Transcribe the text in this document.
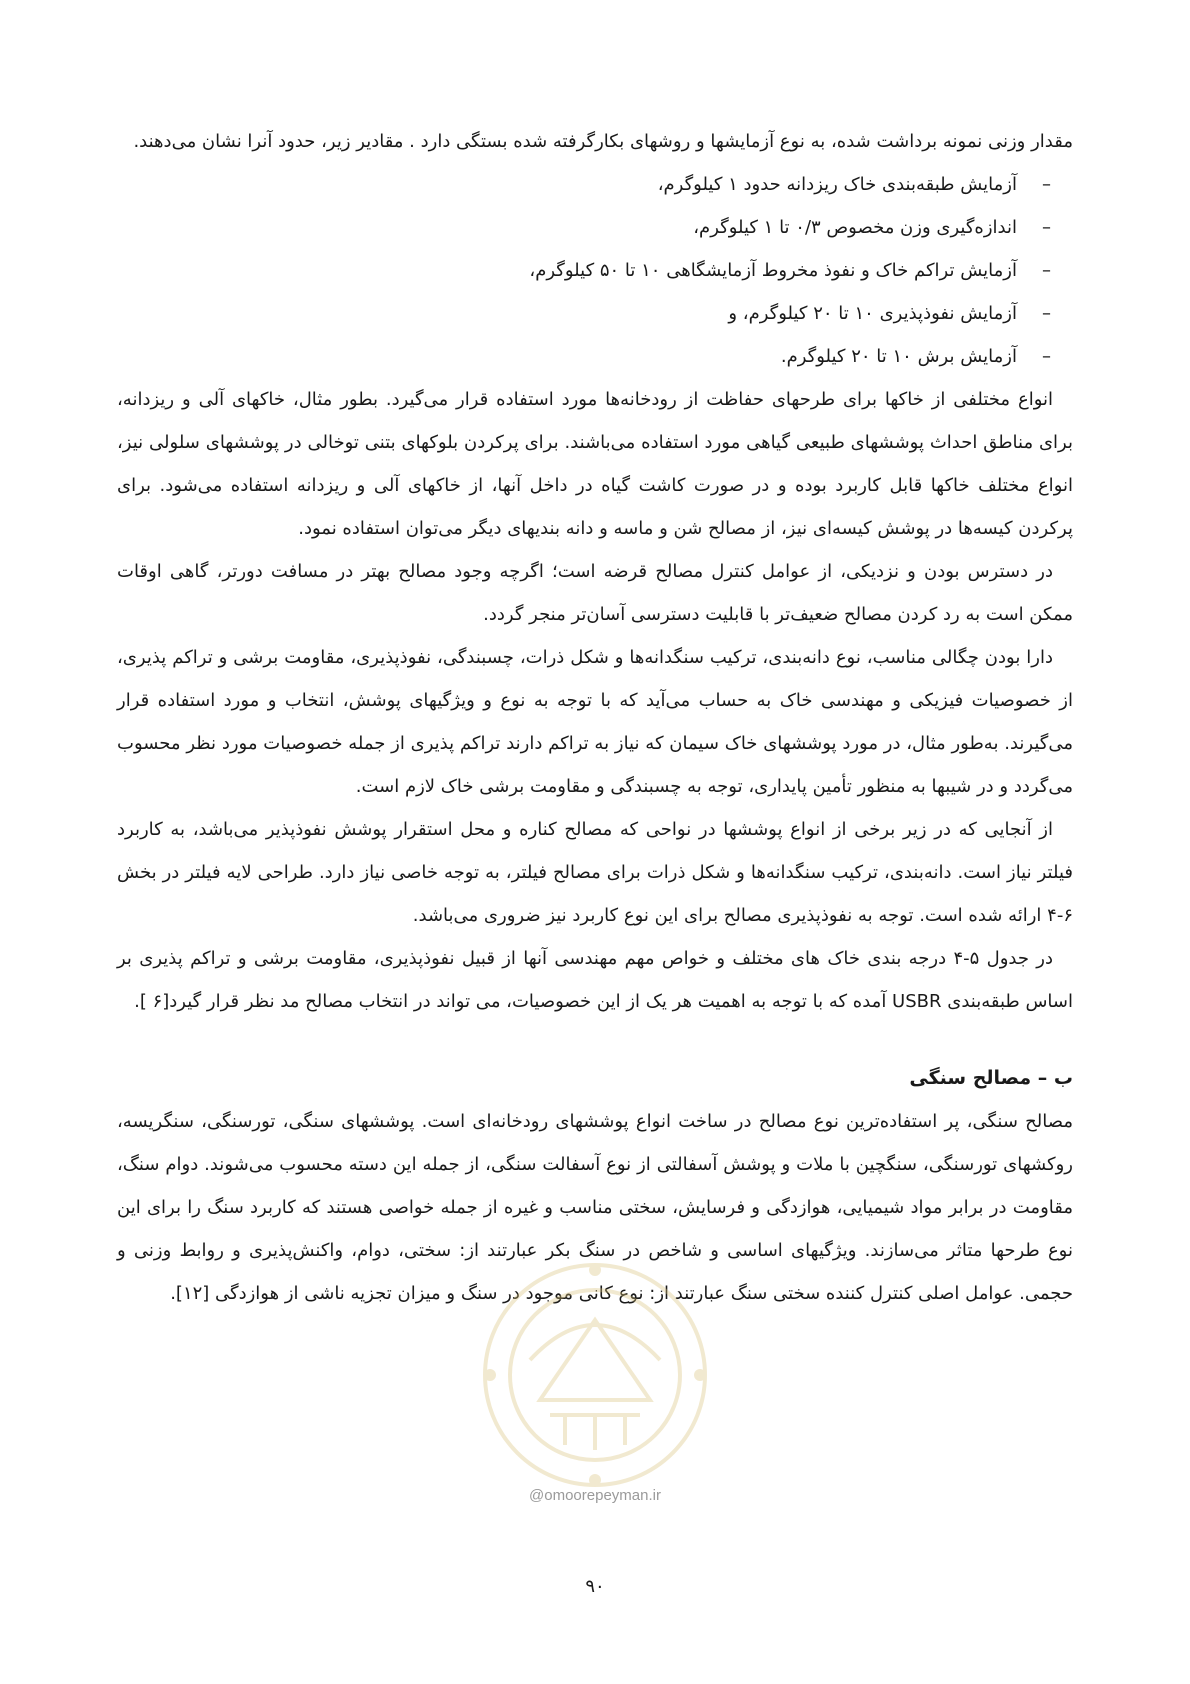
مقدار وزنی نمونه برداشت شده، به نوع آزمایشها و روشهای بکارگرفته شده بستگی دارد . مقادیر زیر، حدود آنرا نشان می‌دهند.

–
آزمایش طبقه‌بندی خاک ریزدانه حدود ۱ کیلوگرم،
–
اندازه‌گیری وزن مخصوص ۰/۳ تا ۱ کیلوگرم،
–
آزمایش تراکم خاک و نفوذ مخروط آزمایشگاهی ۱۰ تا ۵۰ کیلوگرم،
–
آزمایش نفوذپذیری ۱۰ تا ۲۰ کیلوگرم، و
–
آزمایش برش ۱۰ تا ۲۰ کیلوگرم.

انواع مختلفی از خاکها برای طرحهای حفاظت از رودخانه‌ها مورد استفاده قرار می‌گیرد. بطور مثال، خاکهای آلی و ریزدانه، برای مناطق احداث پوششهای طبیعی گیاهی مورد استفاده می‌باشند. برای پرکردن بلوکهای بتنی توخالی در پوششهای سلولی نیز، انواع مختلف خاکها قابل کاربرد بوده و در صورت کاشت گیاه در داخل آنها، از خاکهای آلی و ریزدانه استفاده می‌شود. برای پرکردن کیسه‌ها در پوشش کیسه‌ای نیز، از مصالح شن و ماسه و دانه بندیهای دیگر می‌توان استفاده نمود.

در دسترس بودن و نزدیکی، از عوامل کنترل مصالح قرضه است؛ اگرچه وجود مصالح بهتر در مسافت دورتر، گاهی اوقات ممکن است به رد کردن مصالح ضعیف‌تر با قابلیت دسترسی آسان‌تر منجر گردد.

دارا بودن چگالی مناسب، نوع دانه‌بندی، ترکیب سنگدانه‌ها و شکل ذرات، چسبندگی، نفوذپذیری، مقاومت برشی و تراکم پذیری، از خصوصیات فیزیکی و مهندسی خاک به حساب می‌آید که با توجه به نوع و ویژگیهای پوشش، انتخاب و مورد استفاده قرار می‌گیرند. به‌طور مثال، در مورد پوششهای خاک سیمان که نیاز به تراکم دارند تراکم پذیری از جمله خصوصیات مورد نظر محسوب می‌گردد و در شیبها به منظور تأمین پایداری، توجه به چسبندگی و مقاومت برشی خاک لازم است.

از آنجایی که در زیر برخی از انواع پوششها در نواحی که مصالح کناره و محل استقرار پوشش نفوذپذیر می‌باشد، به کاربرد فیلتر نیاز است. دانه‌بندی، ترکیب سنگدانه‌ها و شکل ذرات برای مصالح فیلتر، به توجه خاصی نیاز دارد. طراحی لایه فیلتر در بخش ۶-۴ ارائه شده است. توجه به نفوذپذیری مصالح برای این نوع کاربرد نیز ضروری می‌باشد.

در جدول ۵-۴ درجه بندی خاک های مختلف و خواص مهم مهندسی آنها از قبیل نفوذپذیری، مقاومت برشی و تراکم پذیری بر اساس طبقه‌بندی USBR آمده که با توجه به اهمیت هر یک از این خصوصیات، می تواند در انتخاب مصالح مد نظر قرار گیرد[۶ ].

ب – مصالح سنگی

مصالح سنگی، پر استفاده‌ترین نوع مصالح در ساخت انواع پوششهای رودخانه‌ای است. پوششهای سنگی، تورسنگی، سنگریسه، روکشهای تورسنگی، سنگچین با ملات و پوشش آسفالتی از نوع آسفالت سنگی، از جمله این دسته محسوب می‌شوند. دوام سنگ، مقاومت در برابر مواد شیمیایی، هوازدگی و فرسایش، سختی مناسب و غیره از جمله خواصی هستند که کاربرد سنگ را برای این نوع طرحها متاثر می‌سازند. ویژگیهای اساسی و شاخص در سنگ بکر عبارتند از: سختی، دوام، واکنش‌پذیری و روابط وزنی و حجمی. عوامل اصلی کنترل کننده سختی سنگ عبارتند از: نوع کانی موجود در سنگ و میزان تجزیه ناشی از هوازدگی [۱۲].

@omoorepeyman.ir
۹۰
